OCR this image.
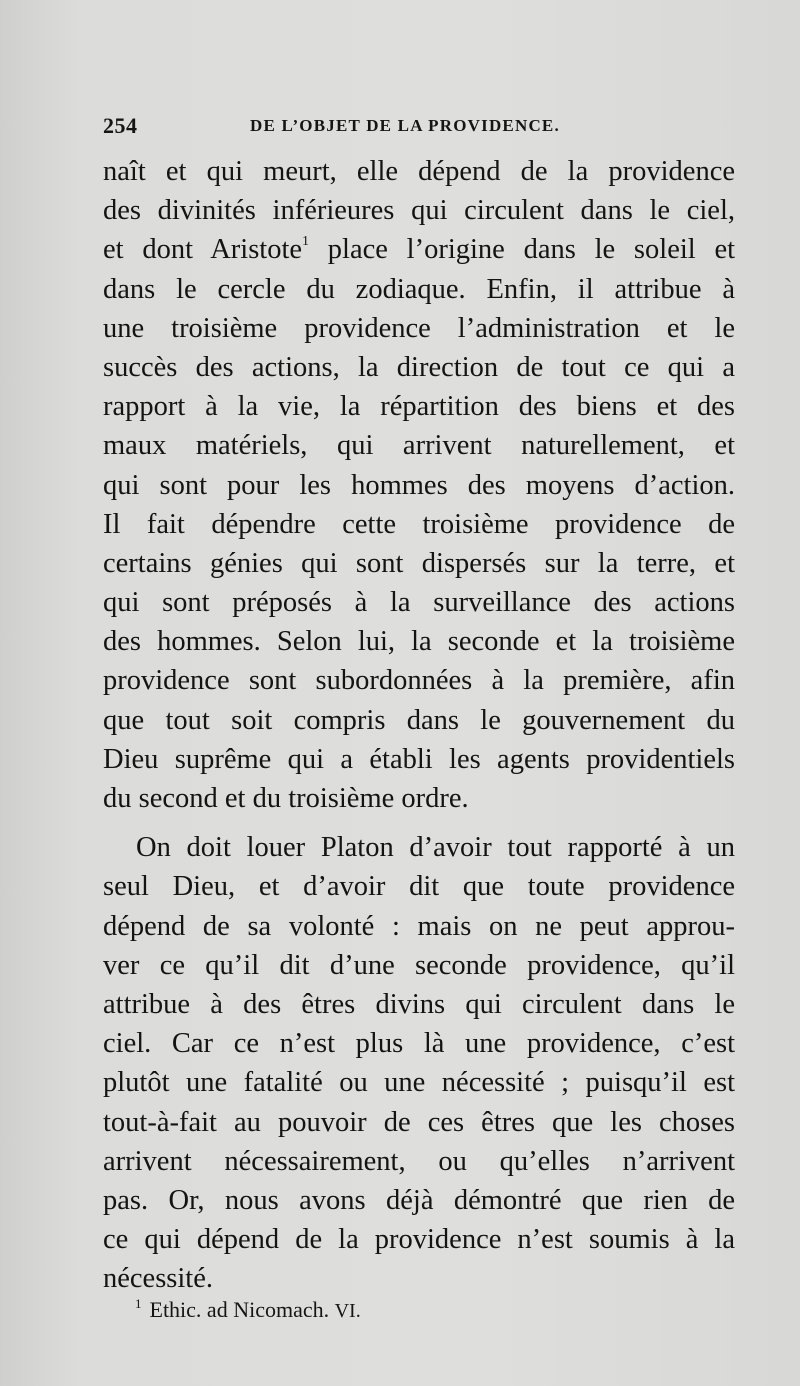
254	DE L’OBJET DE LA PROVIDENCE.
naît et qui meurt, elle dépend de la providence
des divinités inférieures qui circulent dans le ciel,
et dont Aristote$^1$ place l’origine dans le soleil et
dans le cercle du zodiaque. Enfin, il attribue à
une troisième providence l’administration et le
succès des actions, la direction de tout ce qui a
rapport à la vie, la répartition des biens et des
maux matériels, qui arrivent naturellement, et
qui sont pour les hommes des moyens d’action.
Il fait dépendre cette troisième providence de
certains génies qui sont dispersés sur la terre, et
qui sont préposés à la surveillance des actions
des hommes. Selon lui, la seconde et la troisième
providence sont subordonnées à la première, afin
que tout soit compris dans le gouvernement du
Dieu suprême qui a établi les agents providentiels
du second et du troisième ordre.
On doit louer Platon d’avoir tout rapporté à un
seul Dieu, et d’avoir dit que toute providence
dépend de sa volonté : mais on ne peut approu-
ver ce qu’il dit d’une seconde providence, qu’il
attribue à des êtres divins qui circulent dans le
ciel. Car ce n’est plus là une providence, c’est
plutôt une fatalité ou une nécessité ; puisqu’il est
tout-à-fait au pouvoir de ces êtres que les choses
arrivent nécessairement, ou qu’elles n’arrivent
pas. Or, nous avons déjà démontré que rien de
ce qui dépend de la providence n’est soumis à la
nécessité.
$^1$ Ethic. ad Nicomach. VI.
